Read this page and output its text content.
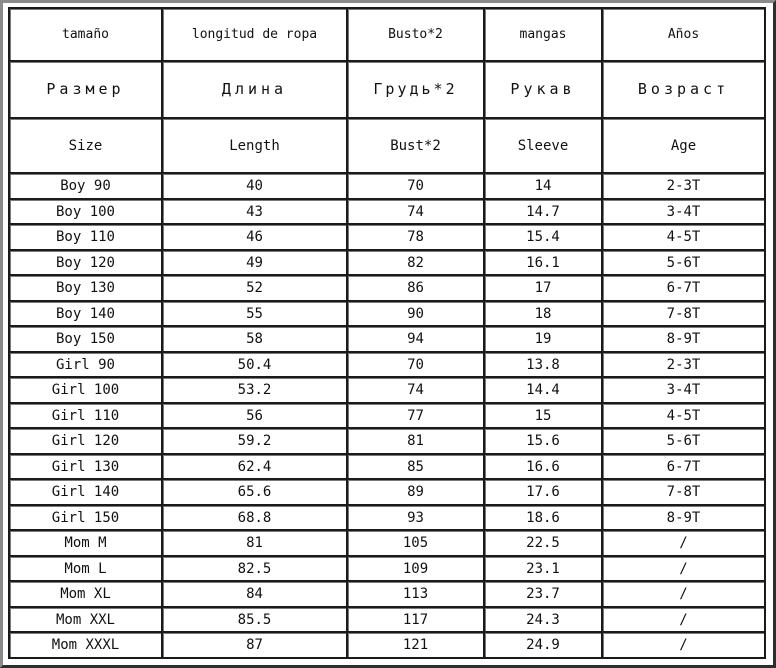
tamaño	longitud de ropa	Busto*2	mangas	Años
Размер	Длина	Грудь*2	Рукав	Возраст
Size	Length	Bust*2	Sleeve	Age
Boy 90	40	70	14	2-3T
Boy 100	43	74	14.7	3-4T
Boy 110	46	78	15.4	4-5T
Boy 120	49	82	16.1	5-6T
Boy 130	52	86	17	6-7T
Boy 140	55	90	18	7-8T
Boy 150	58	94	19	8-9T
Girl 90	50.4	70	13.8	2-3T
Girl 100	53.2	74	14.4	3-4T
Girl 110	56	77	15	4-5T
Girl 120	59.2	81	15.6	5-6T
Girl 130	62.4	85	16.6	6-7T
Girl 140	65.6	89	17.6	7-8T
Girl 150	68.8	93	18.6	8-9T
Mom M	81	105	22.5	/
Mom L	82.5	109	23.1	/
Mom XL	84	113	23.7	/
Mom XXL	85.5	117	24.3	/
Mom XXXL	87	121	24.9	/
